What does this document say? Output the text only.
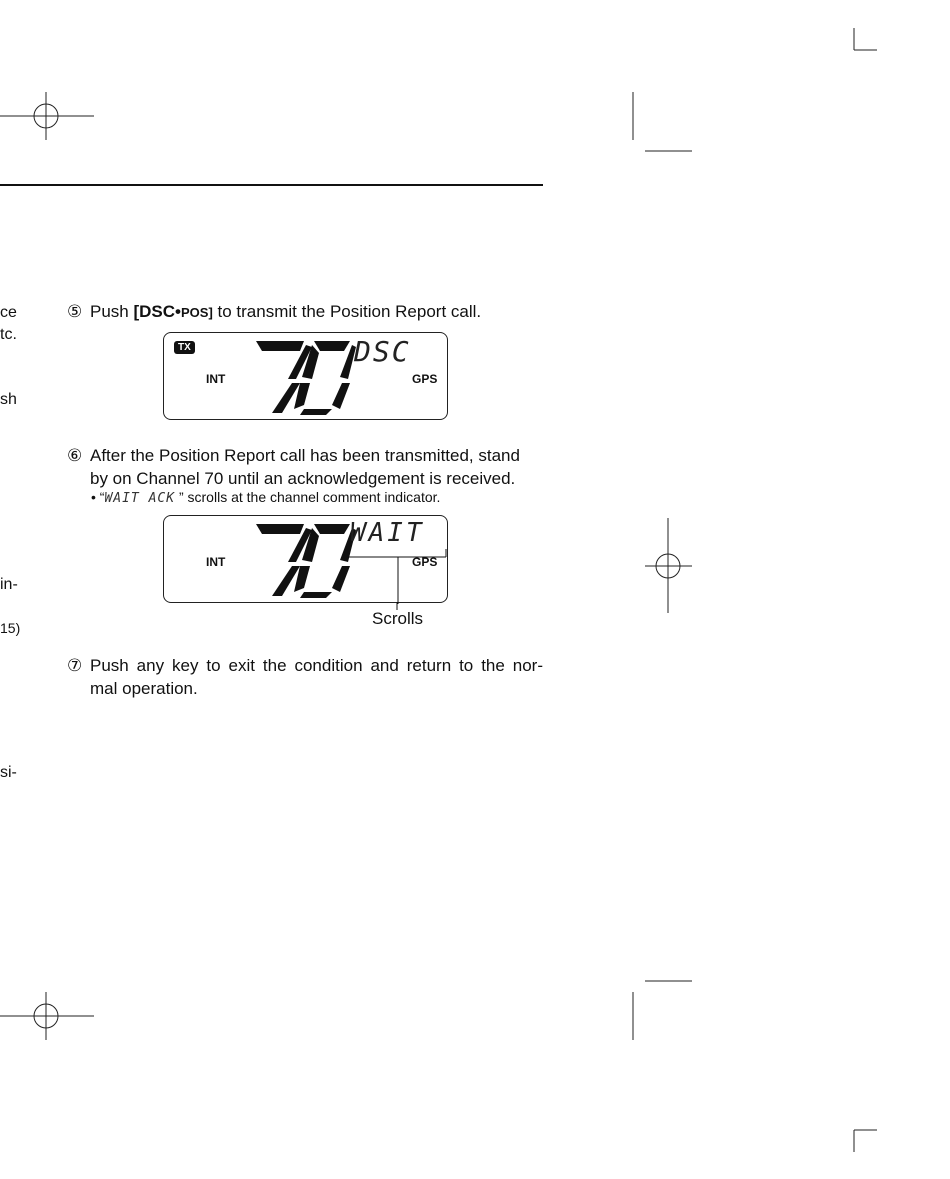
ce
tc.
sh
in-
15)
si-
⑤ Push [DSC•POS] to transmit the Position Report call.
TX
INT	GPS
DSC
⑥ After the Position Report call has been transmitted, stand
by on Channel 70 until an acknowledgement is received.
• “WAIT ACK ” scrolls at the channel comment indicator.
INT	GPS
WAIT
Scrolls
⑦ Push any key to exit the condition and return to the nor-
mal operation.
